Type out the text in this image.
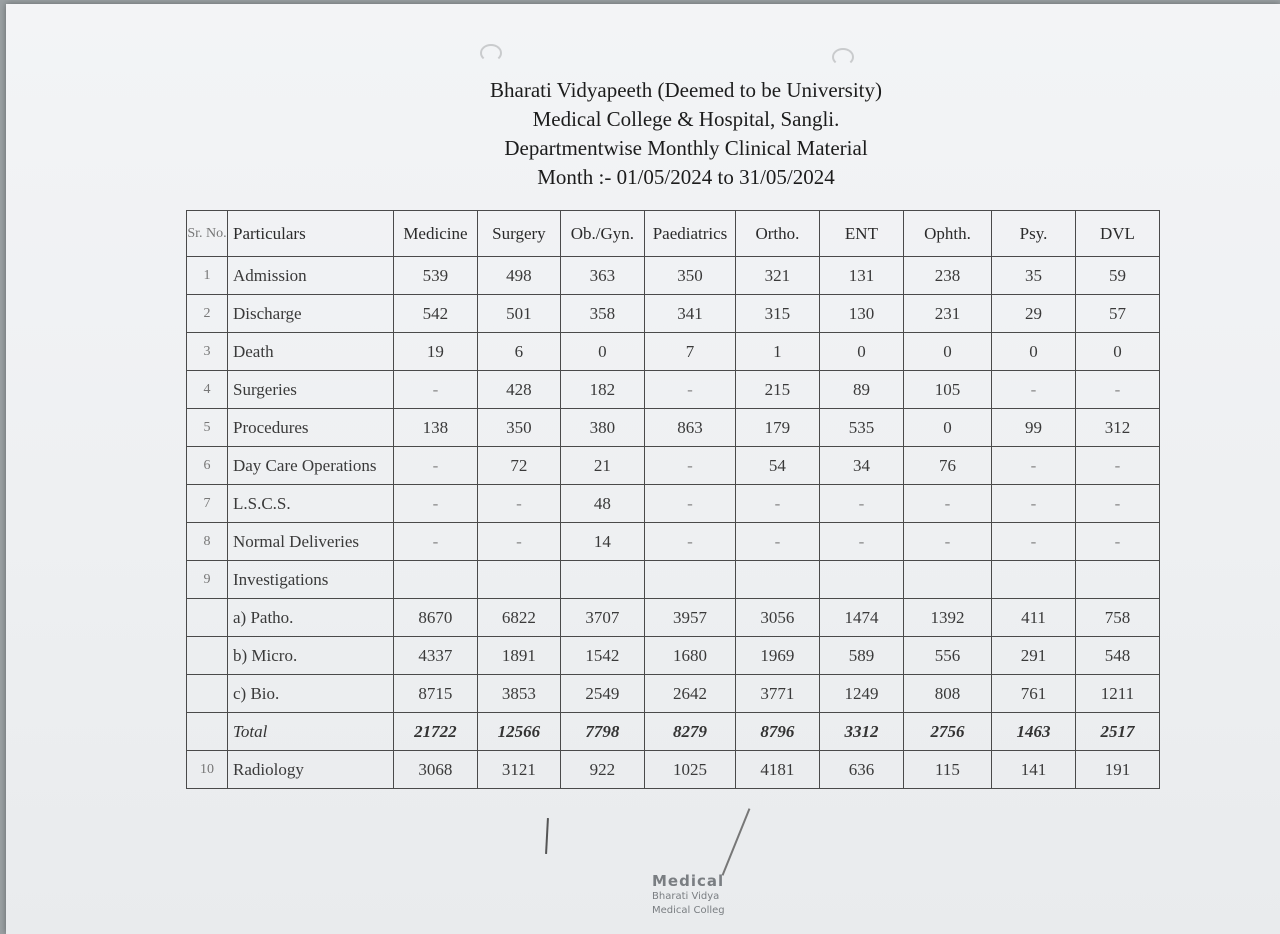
Bharati Vidyapeeth (Deemed to be University)
Medical College & Hospital, Sangli.
Departmentwise Monthly Clinical Material
Month :- 01/05/2024 to 31/05/2024
Sr. No.	Particulars	Medicine	Surgery	Ob./Gyn.	Paediatrics	Ortho.	ENT	Ophth.	Psy.	DVL
1	Admission	539	498	363	350	321	131	238	35	59
2	Discharge	542	501	358	341	315	130	231	29	57
3	Death	19	6	0	7	1	0	0	0	0
4	Surgeries	-	428	182	-	215	89	105	-	-
5	Procedures	138	350	380	863	179	535	0	99	312
6	Day Care Operations	-	72	21	-	54	34	76	-	-
7	L.S.C.S.	-	-	48	-	-	-	-	-	-
8	Normal Deliveries	-	-	14	-	-	-	-	-	-
9	Investigations									
	a) Patho.	8670	6822	3707	3957	3056	1474	1392	411	758
	b) Micro.	4337	1891	1542	1680	1969	589	556	291	548
	c) Bio.	8715	3853	2549	2642	3771	1249	808	761	1211
	Total	21722	12566	7798	8279	8796	3312	2756	1463	2517
10	Radiology	3068	3121	922	1025	4181	636	115	141	191
Medical
Bharati Vidya
Medical Colleg
